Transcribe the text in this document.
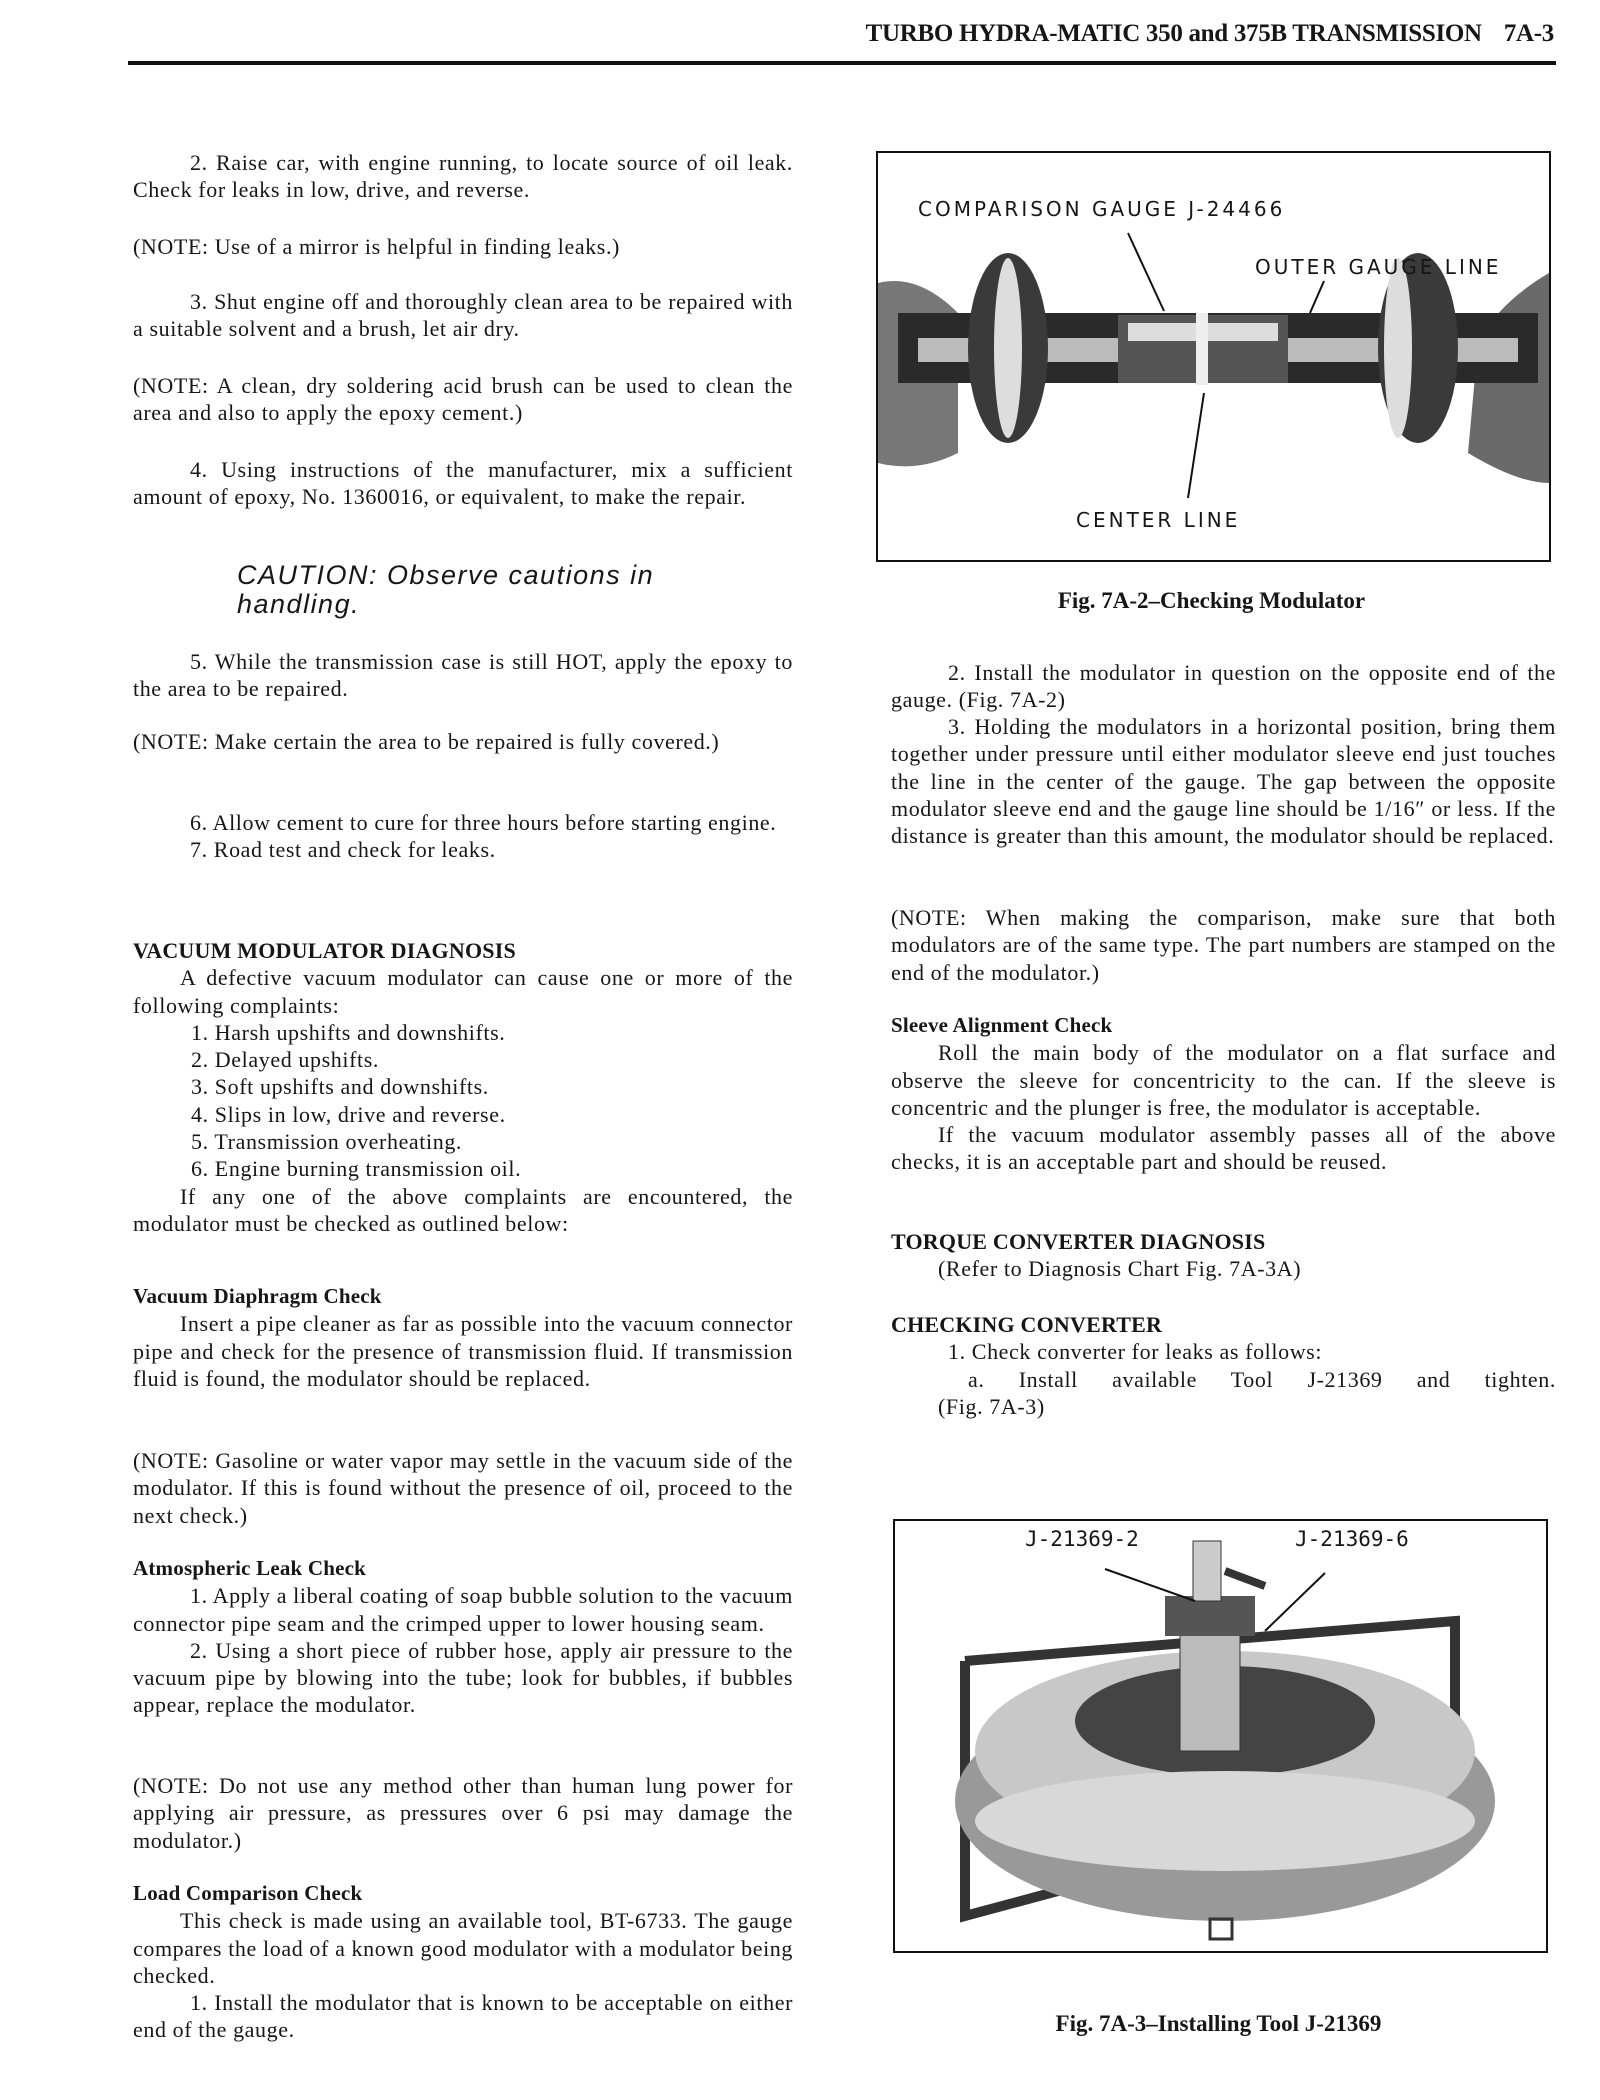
TURBO HYDRA-MATIC 350 and 375B TRANSMISSION 7A-3
2. Raise car, with engine running, to locate source of oil leak. Check for leaks in low, drive, and reverse.
(NOTE: Use of a mirror is helpful in finding leaks.)
3. Shut engine off and thoroughly clean area to be repaired with a suitable solvent and a brush, let air dry.
(NOTE: A clean, dry soldering acid brush can be used to clean the area and also to apply the epoxy cement.)
4. Using instructions of the manufacturer, mix a sufficient amount of epoxy, No. 1360016, or equivalent, to make the repair.
CAUTION: Observe cautions in handling.
5. While the transmission case is still HOT, apply the epoxy to the area to be repaired.
(NOTE: Make certain the area to be repaired is fully covered.)
6. Allow cement to cure for three hours before starting engine.
7. Road test and check for leaks.
VACUUM MODULATOR DIAGNOSIS
A defective vacuum modulator can cause one or more of the following complaints:
1. Harsh upshifts and downshifts.
2. Delayed upshifts.
3. Soft upshifts and downshifts.
4. Slips in low, drive and reverse.
5. Transmission overheating.
6. Engine burning transmission oil.
If any one of the above complaints are encountered, the modulator must be checked as outlined below:
Vacuum Diaphragm Check
Insert a pipe cleaner as far as possible into the vacuum connector pipe and check for the presence of transmission fluid. If transmission fluid is found, the modulator should be replaced.
(NOTE: Gasoline or water vapor may settle in the vacuum side of the modulator. If this is found without the presence of oil, proceed to the next check.)
Atmospheric Leak Check
1. Apply a liberal coating of soap bubble solution to the vacuum connector pipe seam and the crimped upper to lower housing seam.
2. Using a short piece of rubber hose, apply air pressure to the vacuum pipe by blowing into the tube; look for bubbles, if bubbles appear, replace the modulator.
(NOTE: Do not use any method other than human lung power for applying air pressure, as pressures over 6 psi may damage the modulator.)
Load Comparison Check
This check is made using an available tool, BT-6733. The gauge compares the load of a known good modulator with a modulator being checked.
1. Install the modulator that is known to be acceptable on either end of the gauge.
COMPARISON GAUGE J-24466
OUTER GAUGE LINE
CENTER LINE
Fig. 7A-2–Checking Modulator
2. Install the modulator in question on the opposite end of the gauge. (Fig. 7A-2)
3. Holding the modulators in a horizontal position, bring them together under pressure until either modulator sleeve end just touches the line in the center of the gauge. The gap between the opposite modulator sleeve end and the gauge line should be 1/16″ or less. If the distance is greater than this amount, the modulator should be replaced.
(NOTE: When making the comparison, make sure that both modulators are of the same type. The part numbers are stamped on the end of the modulator.)
Sleeve Alignment Check
Roll the main body of the modulator on a flat surface and observe the sleeve for concentricity to the can. If the sleeve is concentric and the plunger is free, the modulator is acceptable.
If the vacuum modulator assembly passes all of the above checks, it is an acceptable part and should be reused.
TORQUE CONVERTER DIAGNOSIS
(Refer to Diagnosis Chart Fig. 7A-3A)
CHECKING CONVERTER
1. Check converter for leaks as follows:
a. Install available Tool J-21369 and tighten.
(Fig. 7A-3)
J-21369-2	J-21369-6
Fig. 7A-3–Installing Tool J-21369
